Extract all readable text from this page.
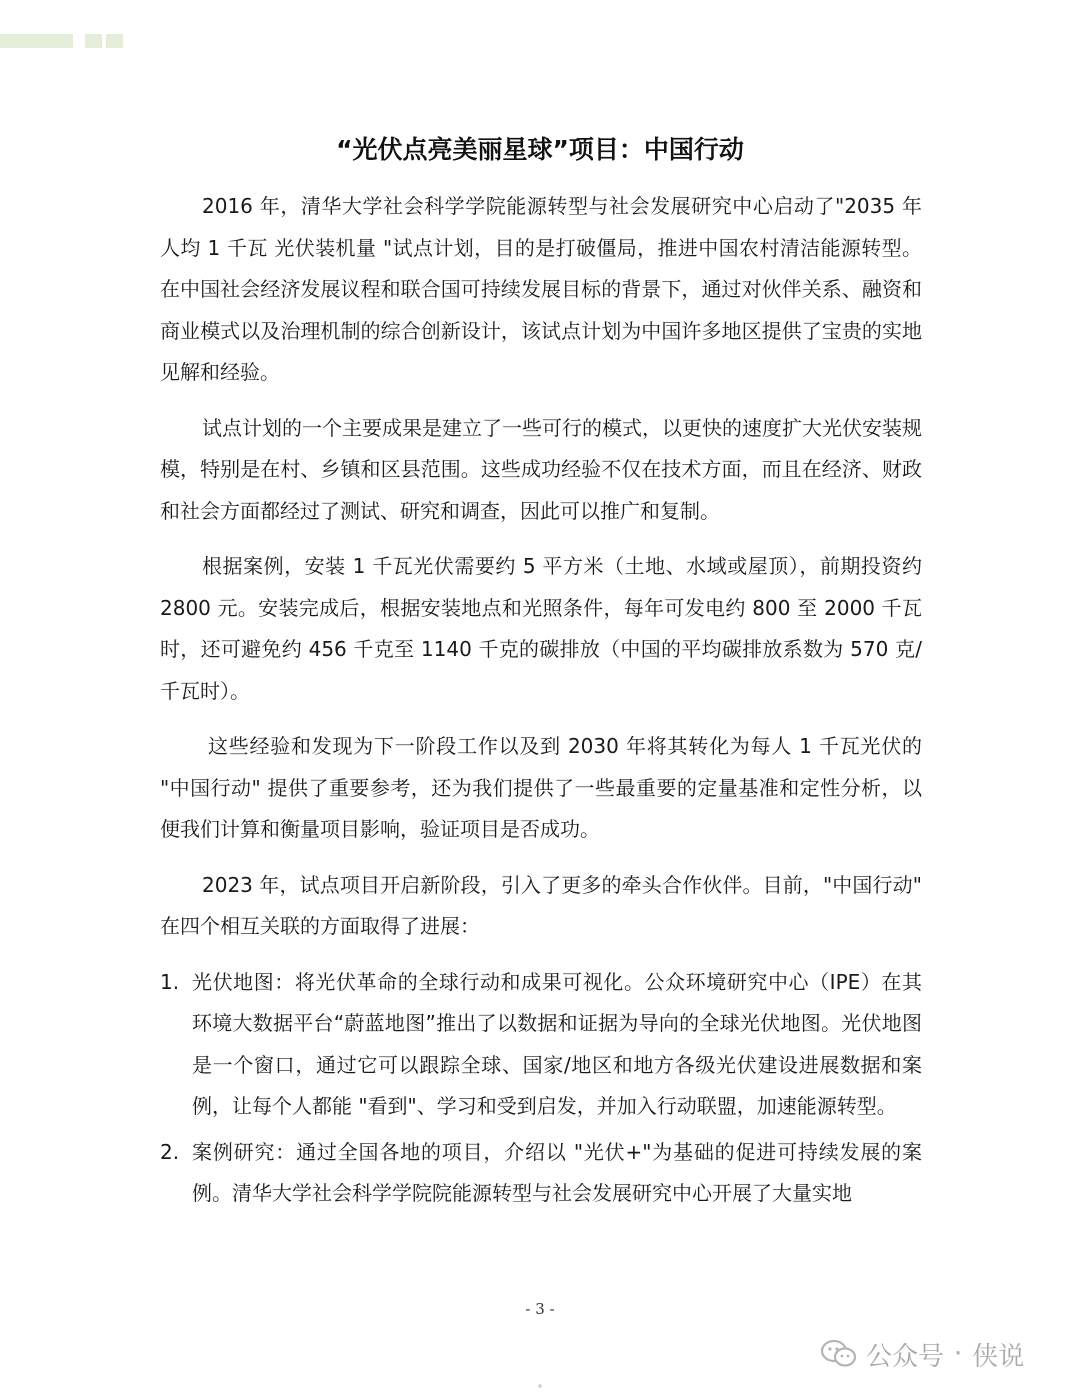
“光伏点亮美丽星球”项目：中国行动

2016 年，清华大学社会科学学院能源转型与社会发展研究中心启动了"2035 年人均 1 千瓦 光伏装机量 "试点计划，目的是打破僵局，推进中国农村清洁能源转型。在中国社会经济发展议程和联合国可持续发展目标的背景下，通过对伙伴关系、融资和商业模式以及治理机制的综合创新设计，该试点计划为中国许多地区提供了宝贵的实地见解和经验。

试点计划的一个主要成果是建立了一些可行的模式，以更快的速度扩大光伏安装规模，特别是在村、乡镇和区县范围。这些成功经验不仅在技术方面，而且在经济、财政和社会方面都经过了测试、研究和调查，因此可以推广和复制。

根据案例，安装 1 千瓦光伏需要约 5 平方米（土地、水域或屋顶），前期投资约 2800 元。安装完成后，根据安装地点和光照条件，每年可发电约 800 至 2000 千瓦时，还可避免约 456 千克至 1140 千克的碳排放（中国的平均碳排放系数为 570 克/千瓦时）。

这些经验和发现为下一阶段工作以及到 2030 年将其转化为每人 1 千瓦光伏的 "中国行动" 提供了重要参考，还为我们提供了一些最重要的定量基准和定性分析，以便我们计算和衡量项目影响，验证项目是否成功。

2023 年，试点项目开启新阶段，引入了更多的牵头合作伙伴。目前，"中国行动" 在四个相互关联的方面取得了进展：

1. 光伏地图：将光伏革命的全球行动和成果可视化。公众环境研究中心（IPE）在其环境大数据平台“蔚蓝地图”推出了以数据和证据为导向的全球光伏地图。光伏地图是一个窗口，通过它可以跟踪全球、国家/地区和地方各级光伏建设进展数据和案例，让每个人都能 "看到"、学习和受到启发，并加入行动联盟，加速能源转型。
2. 案例研究：通过全国各地的项目，介绍以 "光伏+"为基础的促进可持续发展的案例。清华大学社会科学学院院能源转型与社会发展研究中心开展了大量实地
- 3 -
公众号 · 侠说
